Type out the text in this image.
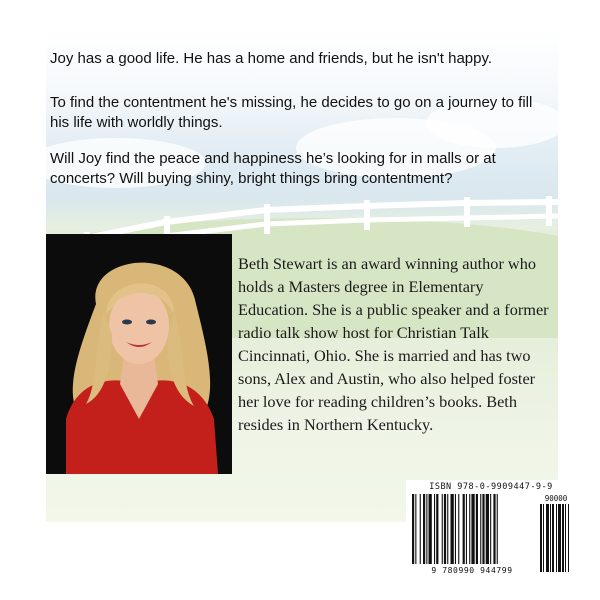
Joy has a good life. He has a home and friends, but he isn't happy.

To find the contentment he's missing, he decides to go on a journey to fill his life with worldly things.

Will Joy find the peace and happiness he’s looking for in malls or at concerts? Will buying shiny, bright things bring contentment?

Beth Stewart is an award winning author who holds a Masters degree in Elementary Education. She is a public speaker and a former radio talk show host for Christian Talk Cincinnati, Ohio. She is married and has two sons, Alex and Austin, who also helped foster her love for reading children’s books. Beth resides in Northern Kentucky.

ISBN 978-0-9909447-9-9
90000
9 780990 944799
